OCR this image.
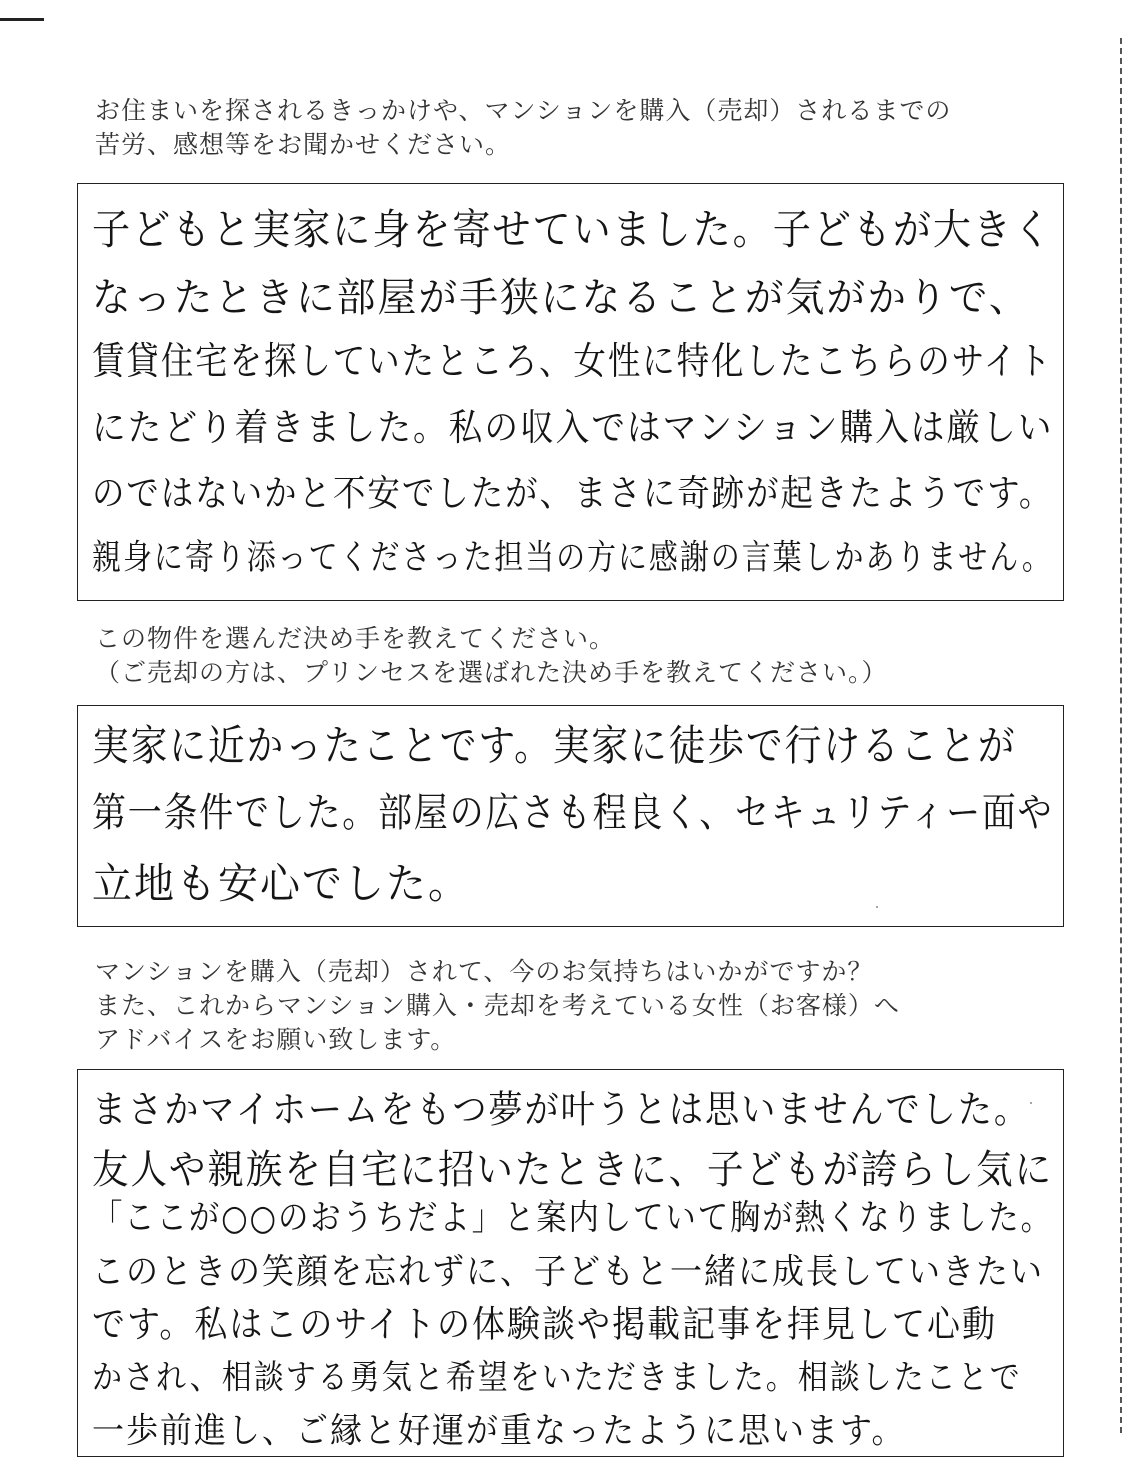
お住まいを探されるきっかけや、マンションを購入（売却）されるまでの
苦労、感想等をお聞かせください。

子どもと実家に身を寄せていました。子どもが大きく

なったときに部屋が手狭になることが気がかりで、

賃貸住宅を探していたところ、女性に特化したこちらのサイト

にたどり着きました。私の収入ではマンション購入は厳しい

のではないかと不安でしたが、まさに奇跡が起きたようです。

親身に寄り添ってくださった担当の方に感謝の言葉しかありません。

この物件を選んだ決め手を教えてください。
（ご売却の方は、プリンセスを選ばれた決め手を教えてください。）

実家に近かったことです。実家に徒歩で行けることが

第一条件でした。部屋の広さも程良く、セキュリティー面や

立地も安心でした。

マンションを購入（売却）されて、今のお気持ちはいかがですか？
また、これからマンション購入・売却を考えている女性（お客様）へ
アドバイスをお願い致します。

まさかマイホームをもつ夢が叶うとは思いませんでした。

友人や親族を自宅に招いたときに、子どもが誇らし気に

「ここが○○のおうちだよ」と案内していて胸が熱くなりました。

このときの笑顔を忘れずに、子どもと一緒に成長していきたい

です。私はこのサイトの体験談や掲載記事を拝見して心動

かされ、相談する勇気と希望をいただきました。相談したことで

一歩前進し、ご縁と好運が重なったように思います。
